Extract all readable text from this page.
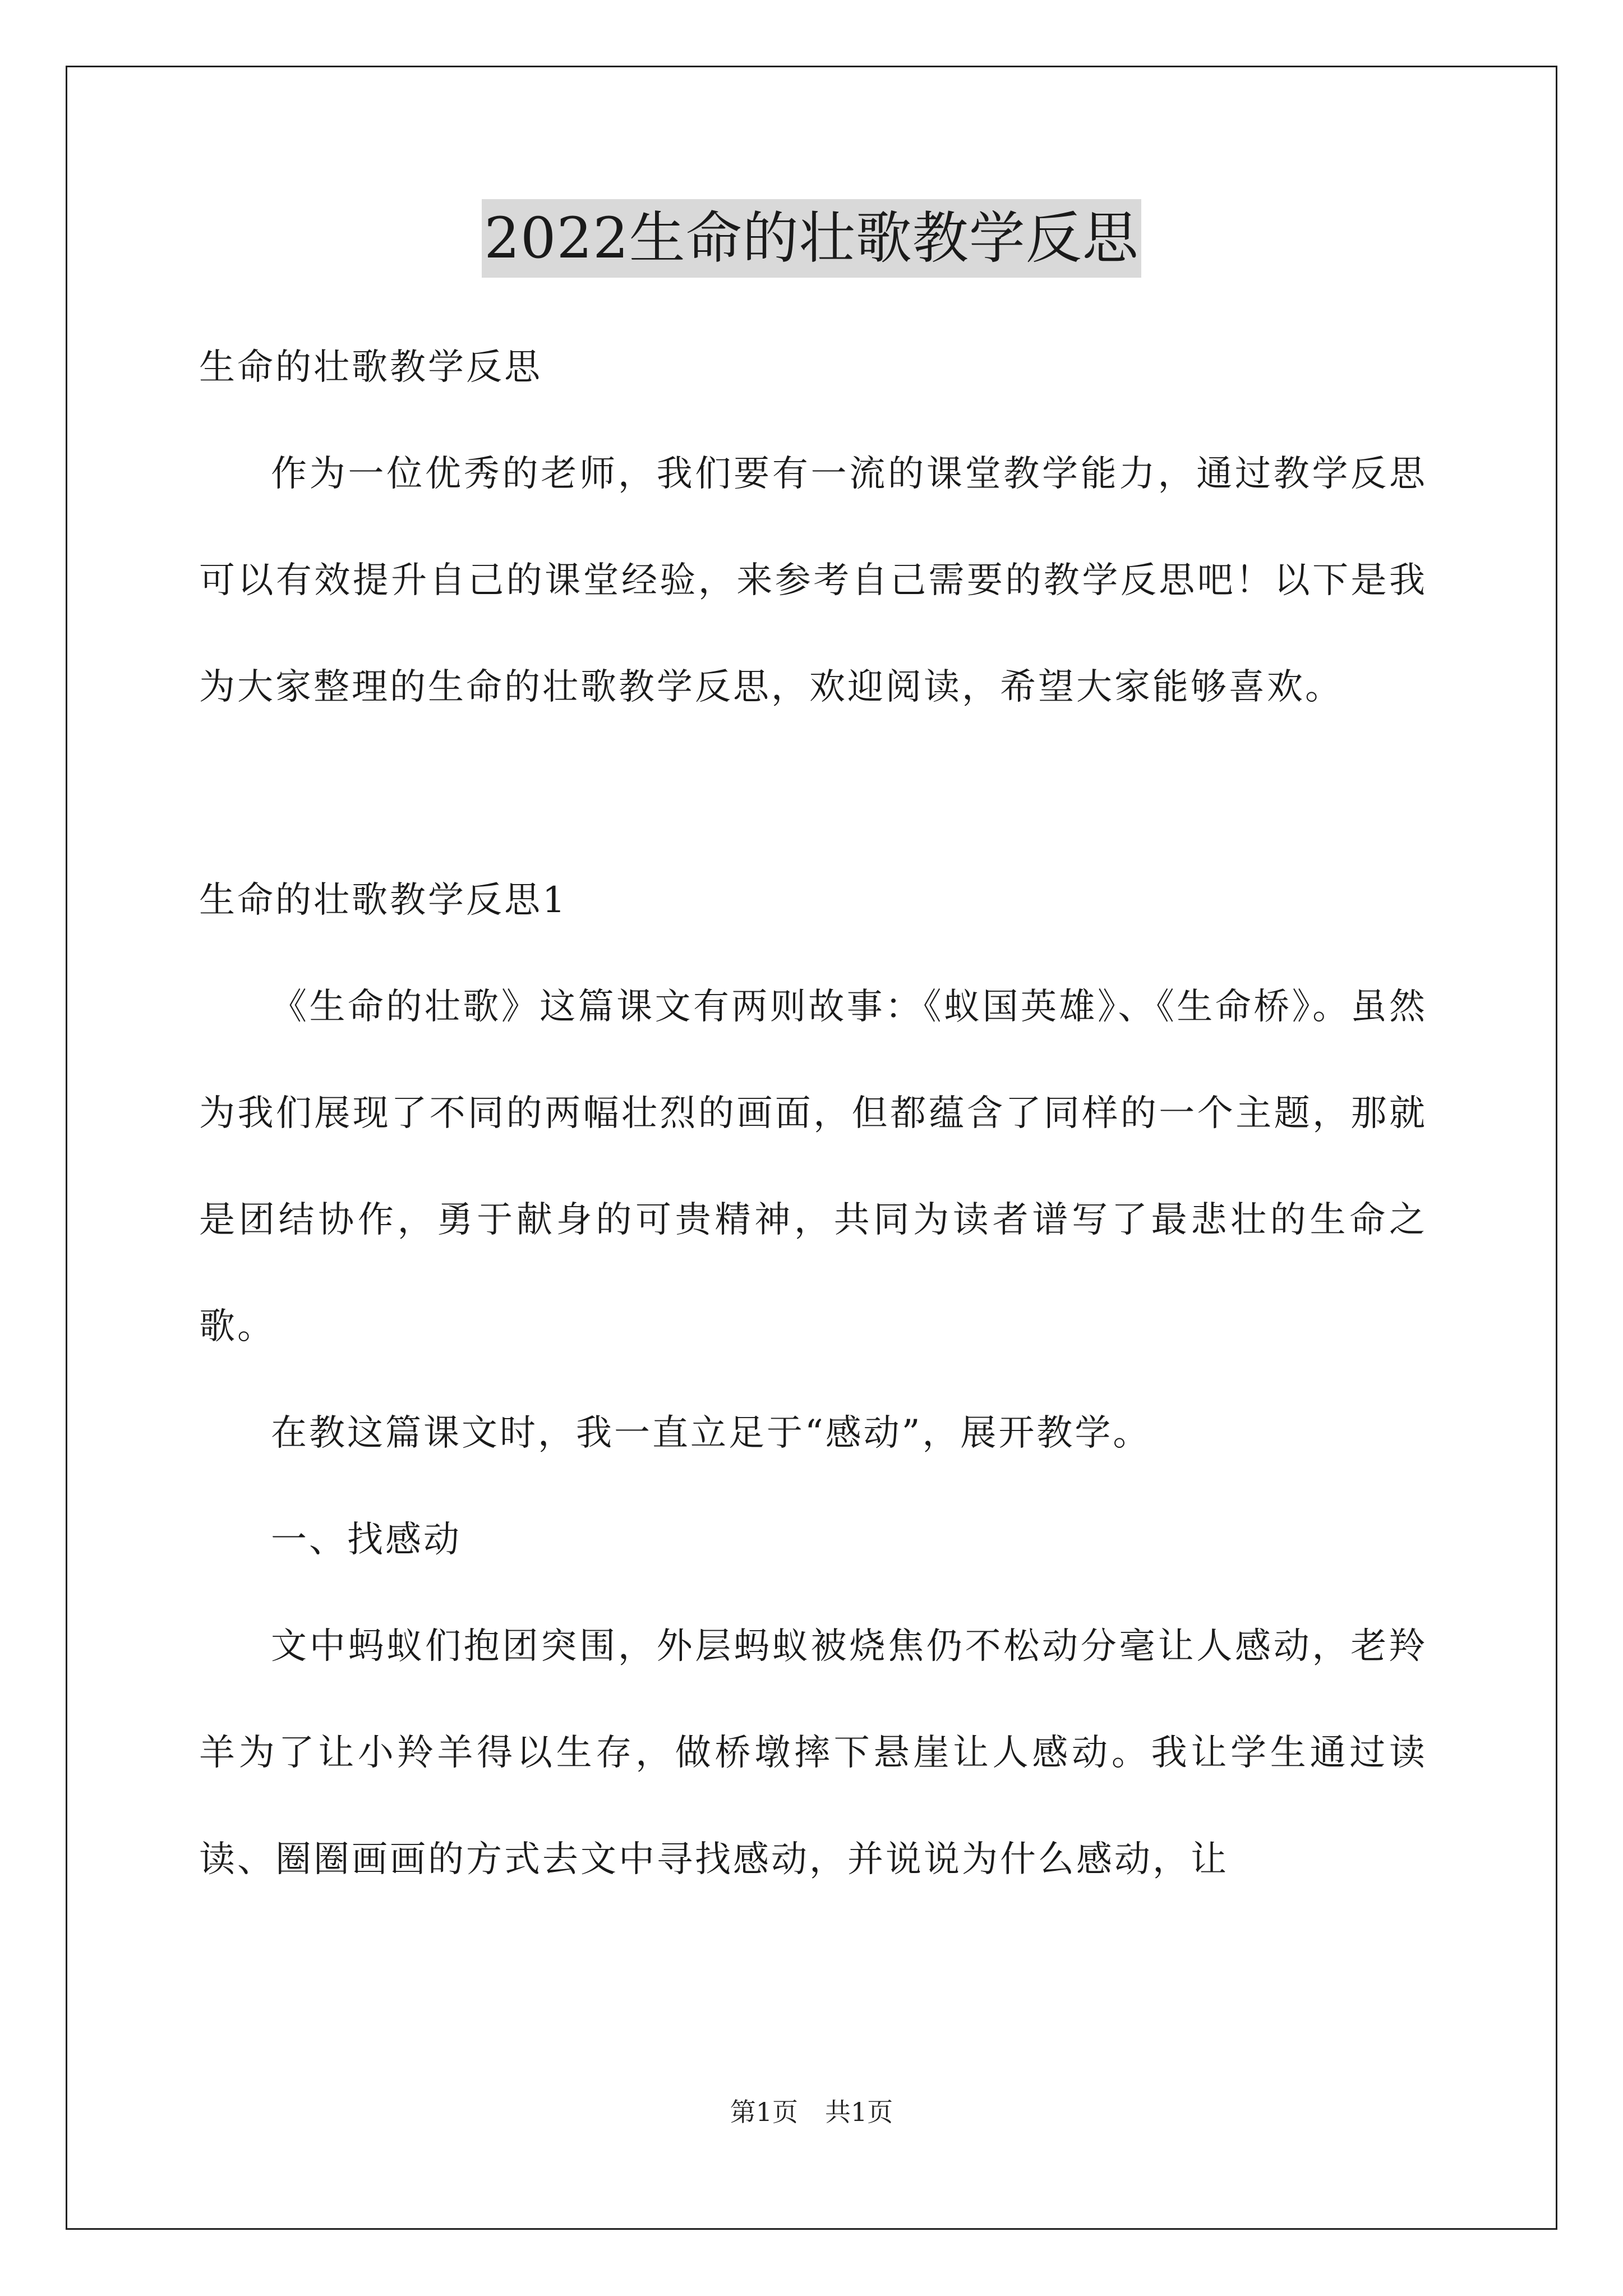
2022生命的壮歌教学反思

生命的壮歌教学反思

作为一位优秀的老师，我们要有一流的课堂教学能力，通过教学反思可以有效提升自己的课堂经验，来参考自己需要的教学反思吧！以下是我为大家整理的生命的壮歌教学反思，欢迎阅读，希望大家能够喜欢。

生命的壮歌教学反思1

《生命的壮歌》这篇课文有两则故事：《蚁国英雄》、《生命桥》。虽然为我们展现了不同的两幅壮烈的画面，但都蕴含了同样的一个主题，那就是团结协作，勇于献身的可贵精神，共同为读者谱写了最悲壮的生命之歌。

在教这篇课文时，我一直立足于“感动”，展开教学。

一、找感动

文中蚂蚁们抱团突围，外层蚂蚁被烧焦仍不松动分毫让人感动，老羚羊为了让小羚羊得以生存，做桥墩摔下悬崖让人感动。我让学生通过读读、圈圈画画的方式去文中寻找感动，并说说为什么感动，让

第1页 共1页
